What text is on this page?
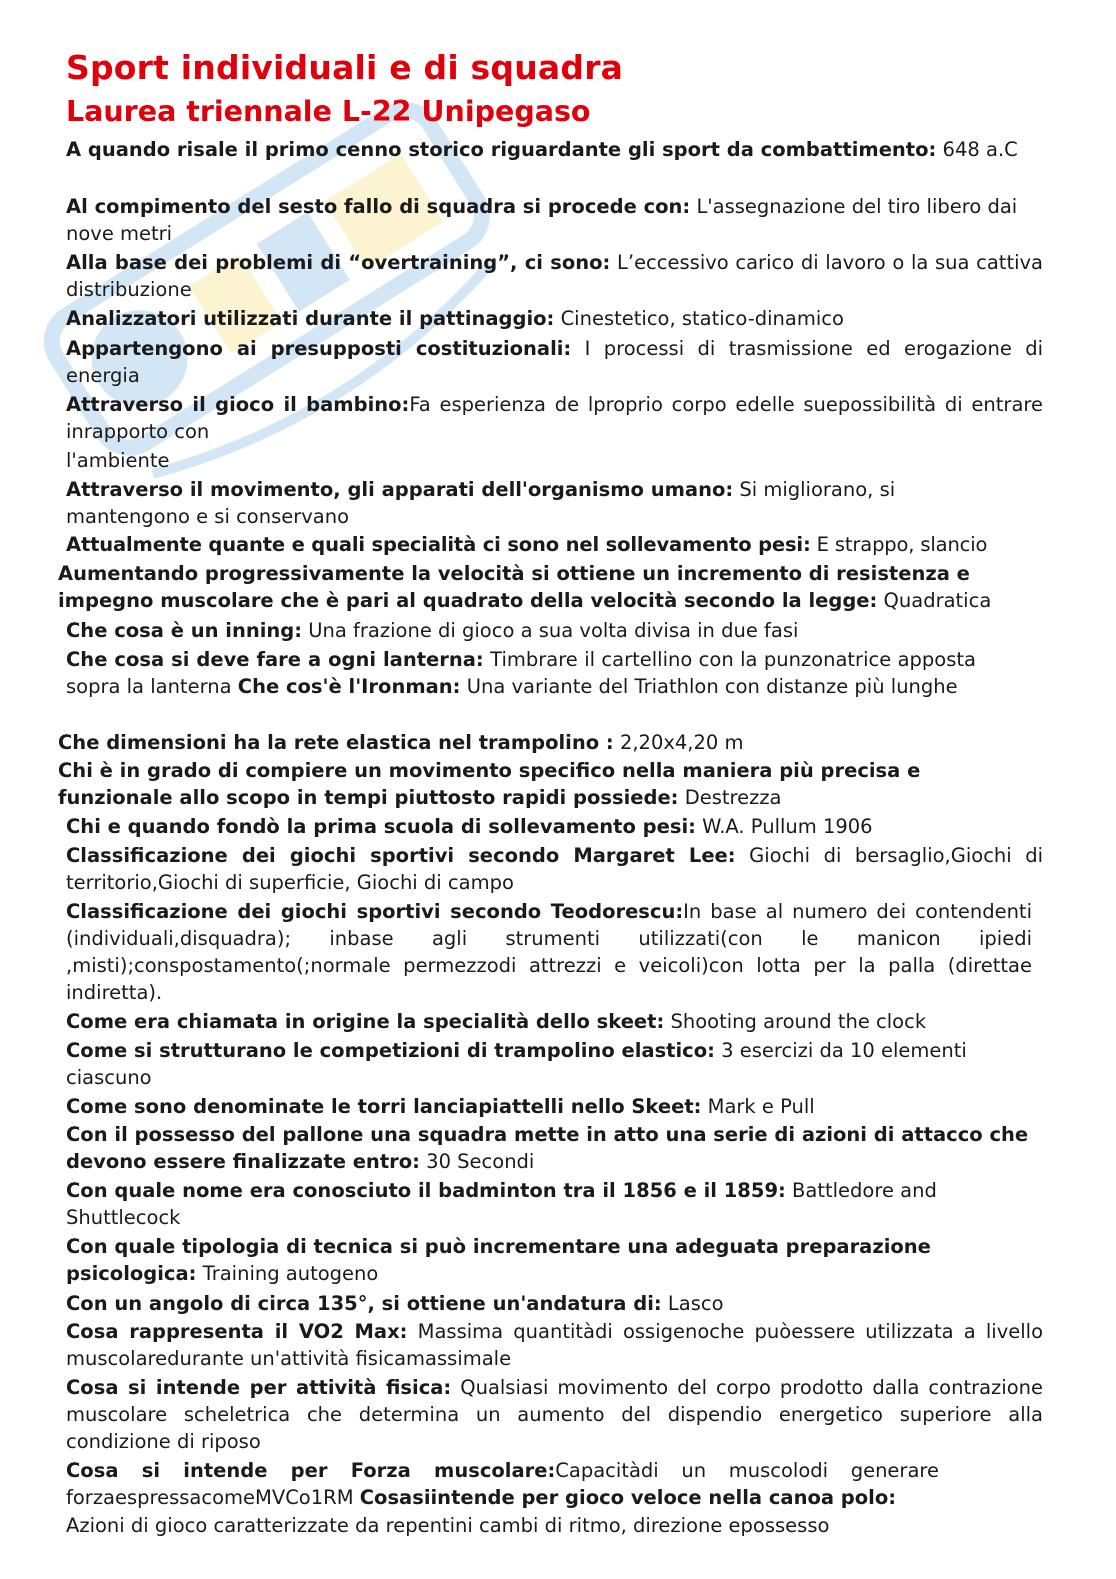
Sport individuali e di squadra
Laurea triennale L-22 Unipegaso

A quando risale il primo cenno storico riguardante gli sport da combattimento: 648 a.C

Al compimento del sesto fallo di squadra si procede con: L'assegnazione del tiro libero dai nove metri

Alla base dei problemi di “overtraining”, ci sono: L’eccessivo carico di lavoro o la sua cattiva distribuzione

Analizzatori utilizzati durante il pattinaggio: Cinestetico, statico-dinamico

Appartengono ai presupposti costituzionali: I processi di trasmissione ed erogazione di energia

Attraverso il gioco il bambino:Fa esperienza de lproprio corpo edelle suepossibilità di entrare inrapporto con

l'ambiente

Attraverso il movimento, gli apparati dell'organismo umano: Si migliorano, si mantengono e si conservano

Attualmente quante e quali specialità ci sono nel sollevamento pesi: E strappo, slancio

Aumentando progressivamente la velocità si ottiene un incremento di resistenza e impegno muscolare che è pari al quadrato della velocità secondo la legge: Quadratica

Che cosa è un inning: Una frazione di gioco a sua volta divisa in due fasi

Che cosa si deve fare a ogni lanterna: Timbrare il cartellino con la punzonatrice apposta sopra la lanterna Che cos'è l'Ironman: Una variante del Triathlon con distanze più lunghe

Che dimensioni ha la rete elastica nel trampolino : 2,20x4,20 m

Chi è in grado di compiere un movimento specifico nella maniera più precisa e funzionale allo scopo in tempi piuttosto rapidi possiede: Destrezza

Chi e quando fondò la prima scuola di sollevamento pesi: W.A. Pullum 1906

Classificazione dei giochi sportivi secondo Margaret Lee: Giochi di bersaglio,Giochi di territorio,Giochi di superficie, Giochi di campo

Classificazione dei giochi sportivi secondo Teodorescu:In base al numero dei contendenti (individuali,disquadra); inbase agli strumenti utilizzati(con le manicon ipiedi ,misti);conspostamento(;normale permezzodi attrezzi e veicoli)con lotta per la palla (direttae indiretta).

Come era chiamata in origine la specialità dello skeet: Shooting around the clock

Come si strutturano le competizioni di trampolino elastico: 3 esercizi da 10 elementi ciascuno

Come sono denominate le torri lanciapiattelli nello Skeet: Mark e Pull

Con il possesso del pallone una squadra mette in atto una serie di azioni di attacco che devono essere finalizzate entro: 30 Secondi

Con quale nome era conosciuto il badminton tra il 1856 e il 1859: Battledore and Shuttlecock

Con quale tipologia di tecnica si può incrementare una adeguata preparazione psicologica: Training autogeno

Con un angolo di circa 135°, si ottiene un'andatura di: Lasco

Cosa rappresenta il VO2 Max: Massima quantitàdi ossigenoche puòessere utilizzata a livello muscolaredurante un'attività fisicamassimale

Cosa si intende per attività fisica: Qualsiasi movimento del corpo prodotto dalla contrazione muscolare scheletrica che determina un aumento del dispendio energetico superiore alla condizione di riposo

Cosa si intende per Forza muscolare:Capacitàdi un muscolodi generare forzaespressacomeMVCo1RM Cosasiintende per gioco veloce nella canoa polo:

Azioni di gioco caratterizzate da repentini cambi di ritmo, direzione epossesso
